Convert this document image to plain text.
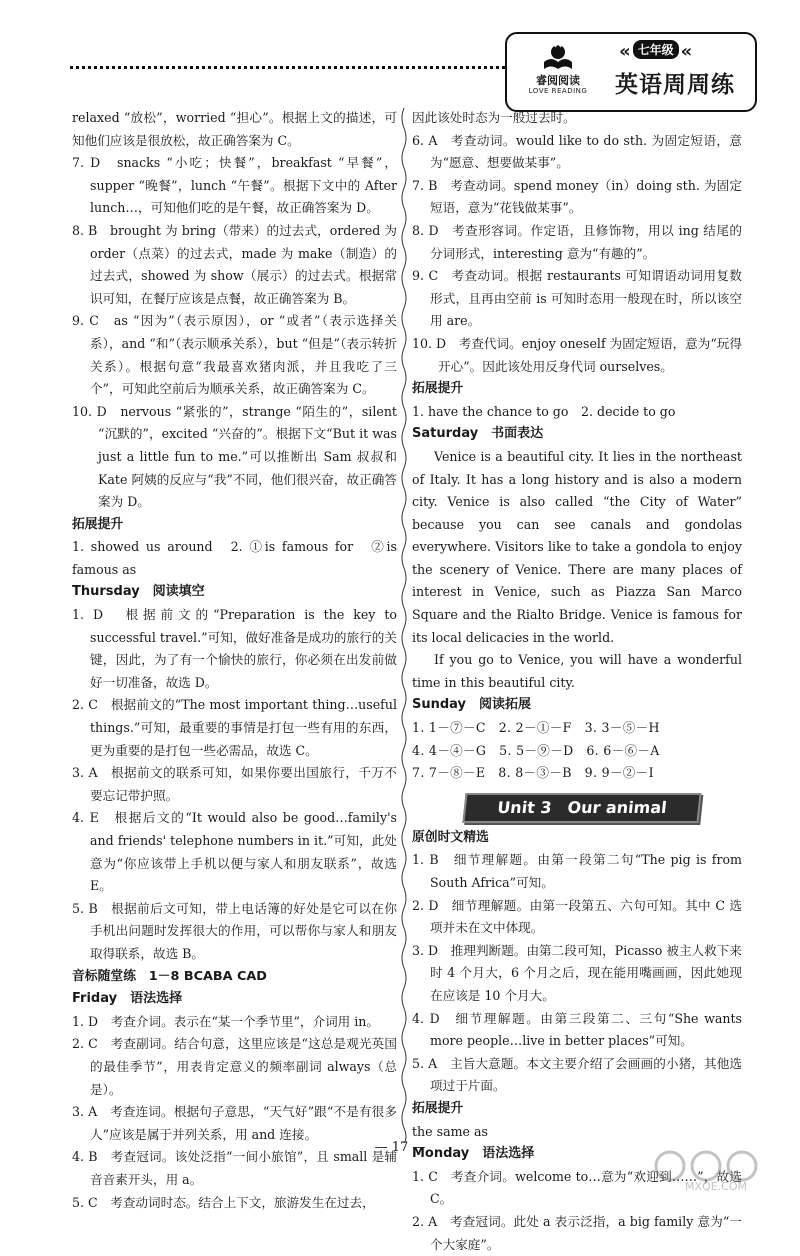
睿阅阅读
LOVE READING
« 七年级 «
英语周周练

relaxed “放松”，worried “担心”。根据上文的描述，可知他们应该是很放松，故正确答案为 C。

7. D　snacks “小吃；快餐”，breakfast “早餐”，supper “晚餐”，lunch “午餐”。根据下文中的 After lunch…，可知他们吃的是午餐，故正确答案为 D。

8. B　brought 为 bring（带来）的过去式，ordered 为 order（点菜）的过去式，made 为 make（制造）的过去式，showed 为 show（展示）的过去式。根据常识可知，在餐厅应该是点餐，故正确答案为 B。

9. C　as “因为”（表示原因），or “或者”（表示选择关系），and “和”（表示顺承关系），but “但是”（表示转折关系）。根据句意“我最喜欢猪肉派，并且我吃了三个”，可知此空前后为顺承关系，故正确答案为 C。

10. D　nervous “紧张的”，strange “陌生的”，silent “沉默的”，excited “兴奋的”。根据下文“But it was just a little fun to me.”可以推断出 Sam 叔叔和 Kate 阿姨的反应与“我”不同，他们很兴奋，故正确答案为 D。

拓展提升

1. showed us around　2. ①is famous for　②is famous as

Thursday　阅读填空

1. D　根据前文的“Preparation is the key to successful travel.”可知，做好准备是成功的旅行的关键，因此，为了有一个愉快的旅行，你必须在出发前做好一切准备，故选 D。

2. C　根据前文的“The most important thing…useful things.”可知，最重要的事情是打包一些有用的东西，更为重要的是打包一些必需品，故选 C。

3. A　根据前文的联系可知，如果你要出国旅行，千万不要忘记带护照。

4. E　根据后文的“It would also be good…family's and friends' telephone numbers in it.”可知，此处意为“你应该带上手机以便与家人和朋友联系”，故选 E。

5. B　根据前后文可知，带上电话簿的好处是它可以在你手机出问题时发挥很大的作用，可以帮你与家人和朋友取得联系，故选 B。

音标随堂练　1－8 BCABA CAD

Friday　语法选择

1. D　考查介词。表示在“某一个季节里”，介词用 in。

2. C　考查副词。结合句意，这里应该是“这总是观光英国的最佳季节”，用表肯定意义的频率副词 always（总是）。

3. A　考查连词。根据句子意思，“天气好”跟“不是有很多人”应该是属于并列关系，用 and 连接。

4. B　考查冠词。该处泛指“一间小旅馆”，且 small 是辅音音素开头，用 a。

5. C　考查动词时态。结合上下文，旅游发生在过去，

因此该处时态为一般过去时。

6. A　考查动词。would like to do sth. 为固定短语，意为“愿意、想要做某事”。

7. B　考查动词。spend money（in）doing sth. 为固定短语，意为“花钱做某事”。

8. D　考查形容词。作定语，且修饰物，用以 ing 结尾的分词形式，interesting 意为“有趣的”。

9. C　考查动词。根据 restaurants 可知谓语动词用复数形式，且再由空前 is 可知时态用一般现在时，所以该空用 are。

10. D　考查代词。enjoy oneself 为固定短语，意为“玩得开心”。因此该处用反身代词 ourselves。

拓展提升

1. have the chance to go　2. decide to go

Saturday　书面表达

Venice is a beautiful city. It lies in the northeast of Italy. It has a long history and is also a modern city. Venice is also called “the City of Water” because you can see canals and gondolas everywhere. Visitors like to take a gondola to enjoy the scenery of Venice. There are many places of interest in Venice, such as Piazza San Marco Square and the Rialto Bridge. Venice is famous for its local delicacies in the world.

If you go to Venice, you will have a wonderful time in this beautiful city.

Sunday　阅读拓展

1. 1－⑦－C　2. 2－①－F　3. 3－⑤－H

4. 4－④－G　5. 5－⑨－D　6. 6－⑥－A

7. 7－⑧－E　8. 8－③－B　9. 9－②－I

Unit 3　Our animal friends

原创时文精选

1. B　细节理解题。由第一段第二句“The pig is from South Africa”可知。

2. D　细节理解题。由第一段第五、六句可知。其中 C 选项并未在文中体现。

3. D　推理判断题。由第二段可知，Picasso 被主人救下来时 4 个月大，6 个月之后，现在能用嘴画画，因此她现在应该是 10 个月大。

4. D　细节理解题。由第三段第二、三句“She wants more people…live in better places”可知。

5. A　主旨大意题。本文主要介绍了会画画的小猪，其他选项过于片面。

拓展提升

the same as

Monday　语法选择

1. C　考查介词。welcome to…意为“欢迎到……”，故选 C。

2. A　考查冠词。此处 a 表示泛指，a big family 意为“一个大家庭”。

— 17 —
MXQE.COM
